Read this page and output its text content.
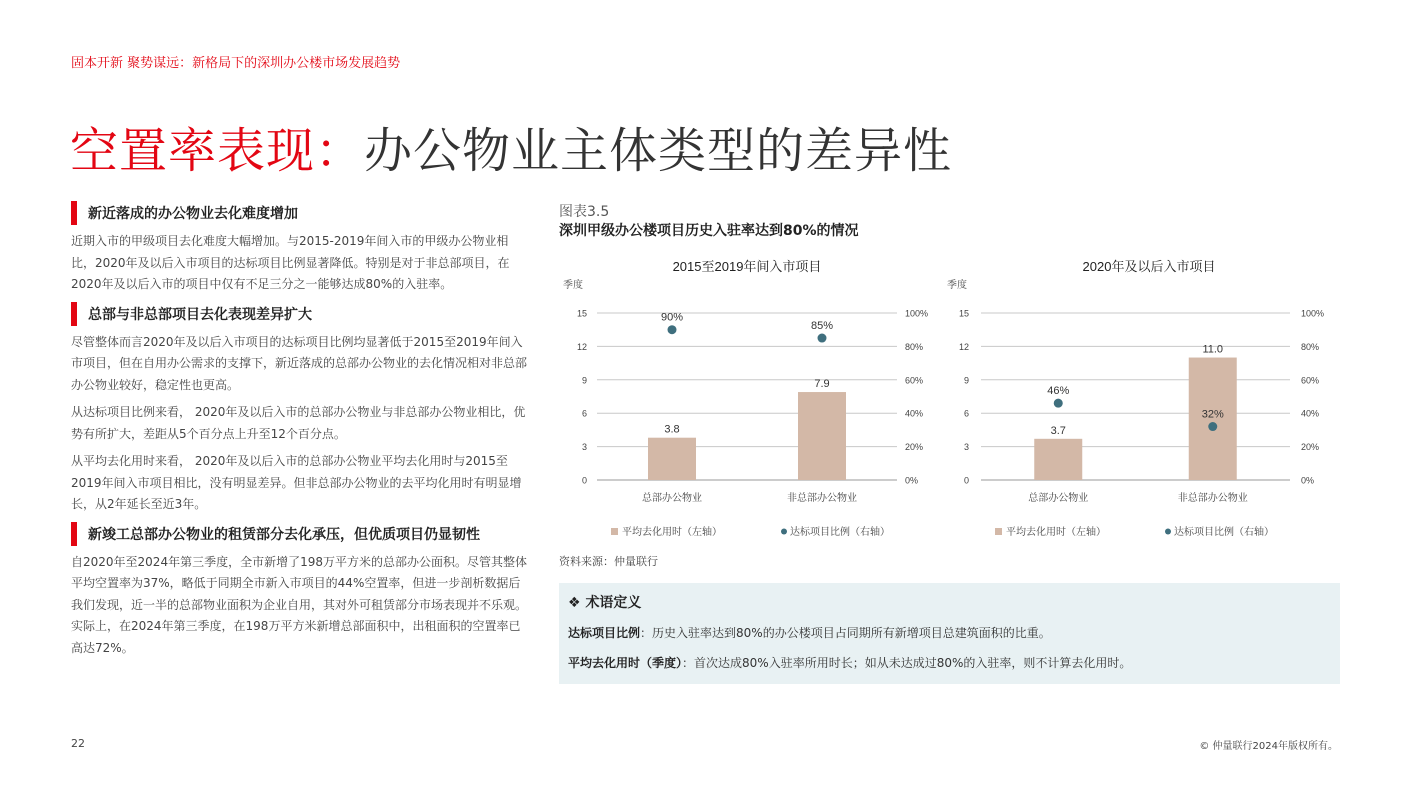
固本开新 聚势谋远：新格局下的深圳办公楼市场发展趋势
空置率表现：办公物业主体类型的差异性
新近落成的办公物业去化难度增加

近期入市的甲级项目去化难度大幅增加。与2015-2019年间入市的甲级办公物业相比，2020年及以后入市项目的达标项目比例显著降低。特别是对于非总部项目，在 2020年及以后入市的项目中仅有不足三分之一能够达成80%的入驻率。

总部与非总部项目去化表现差异扩大

尽管整体而言2020年及以后入市项目的达标项目比例均显著低于2015至2019年间入市项目，但在自用办公需求的支撑下，新近落成的总部办公物业的去化情况相对非总部办公物业较好，稳定性也更高。

从达标项目比例来看， 2020年及以后入市的总部办公物业与非总部办公物业相比，优势有所扩大，差距从5个百分点上升至12个百分点。

从平均去化用时来看， 2020年及以后入市的总部办公物业平均去化用时与2015至2019年间入市项目相比，没有明显差异。但非总部办公物业的去平均化用时有明显增长，从2年延长至近3年。

新竣工总部办公物业的租赁部分去化承压，但优质项目仍显韧性

自2020年至2024年第三季度，全市新增了198万平方米的总部办公面积。尽管其整体平均空置率为37%，略低于同期全市新入市项目的44%空置率，但进一步剖析数据后我们发现，近一半的总部物业面积为企业自用，其对外可租赁部分市场表现并不乐观。实际上，在2024年第三季度，在198万平方米新增总部面积中，出租面积的空置率已高达72%。

图表3.5
深圳甲级办公楼项目历史入驻率达到80%的情况
2015至2019年间入市项目
季度
0	0%
3	20%
6	40%
9	60%
12	80%
15	100%
3.8
90%
总部办公物业
7.9
85%
非总部办公物业
平均去化用时（左轴）	达标项目比例（右轴）
2020年及以后入市项目
季度
0	0%
3	20%
6	40%
9	60%
12	80%
15	100%
3.7
46%
总部办公物业
11.0
32%
非总部办公物业
平均去化用时（左轴）	达标项目比例（右轴）
资料来源：仲量联行
❖ 术语定义
达标项目比例：历史入驻率达到80%的办公楼项目占同期所有新增项目总建筑面积的比重。
平均去化用时（季度）：首次达成80%入驻率所用时长；如从未达成过80%的入驻率，则不计算去化用时。
22	© 仲量联行2024年版权所有。
